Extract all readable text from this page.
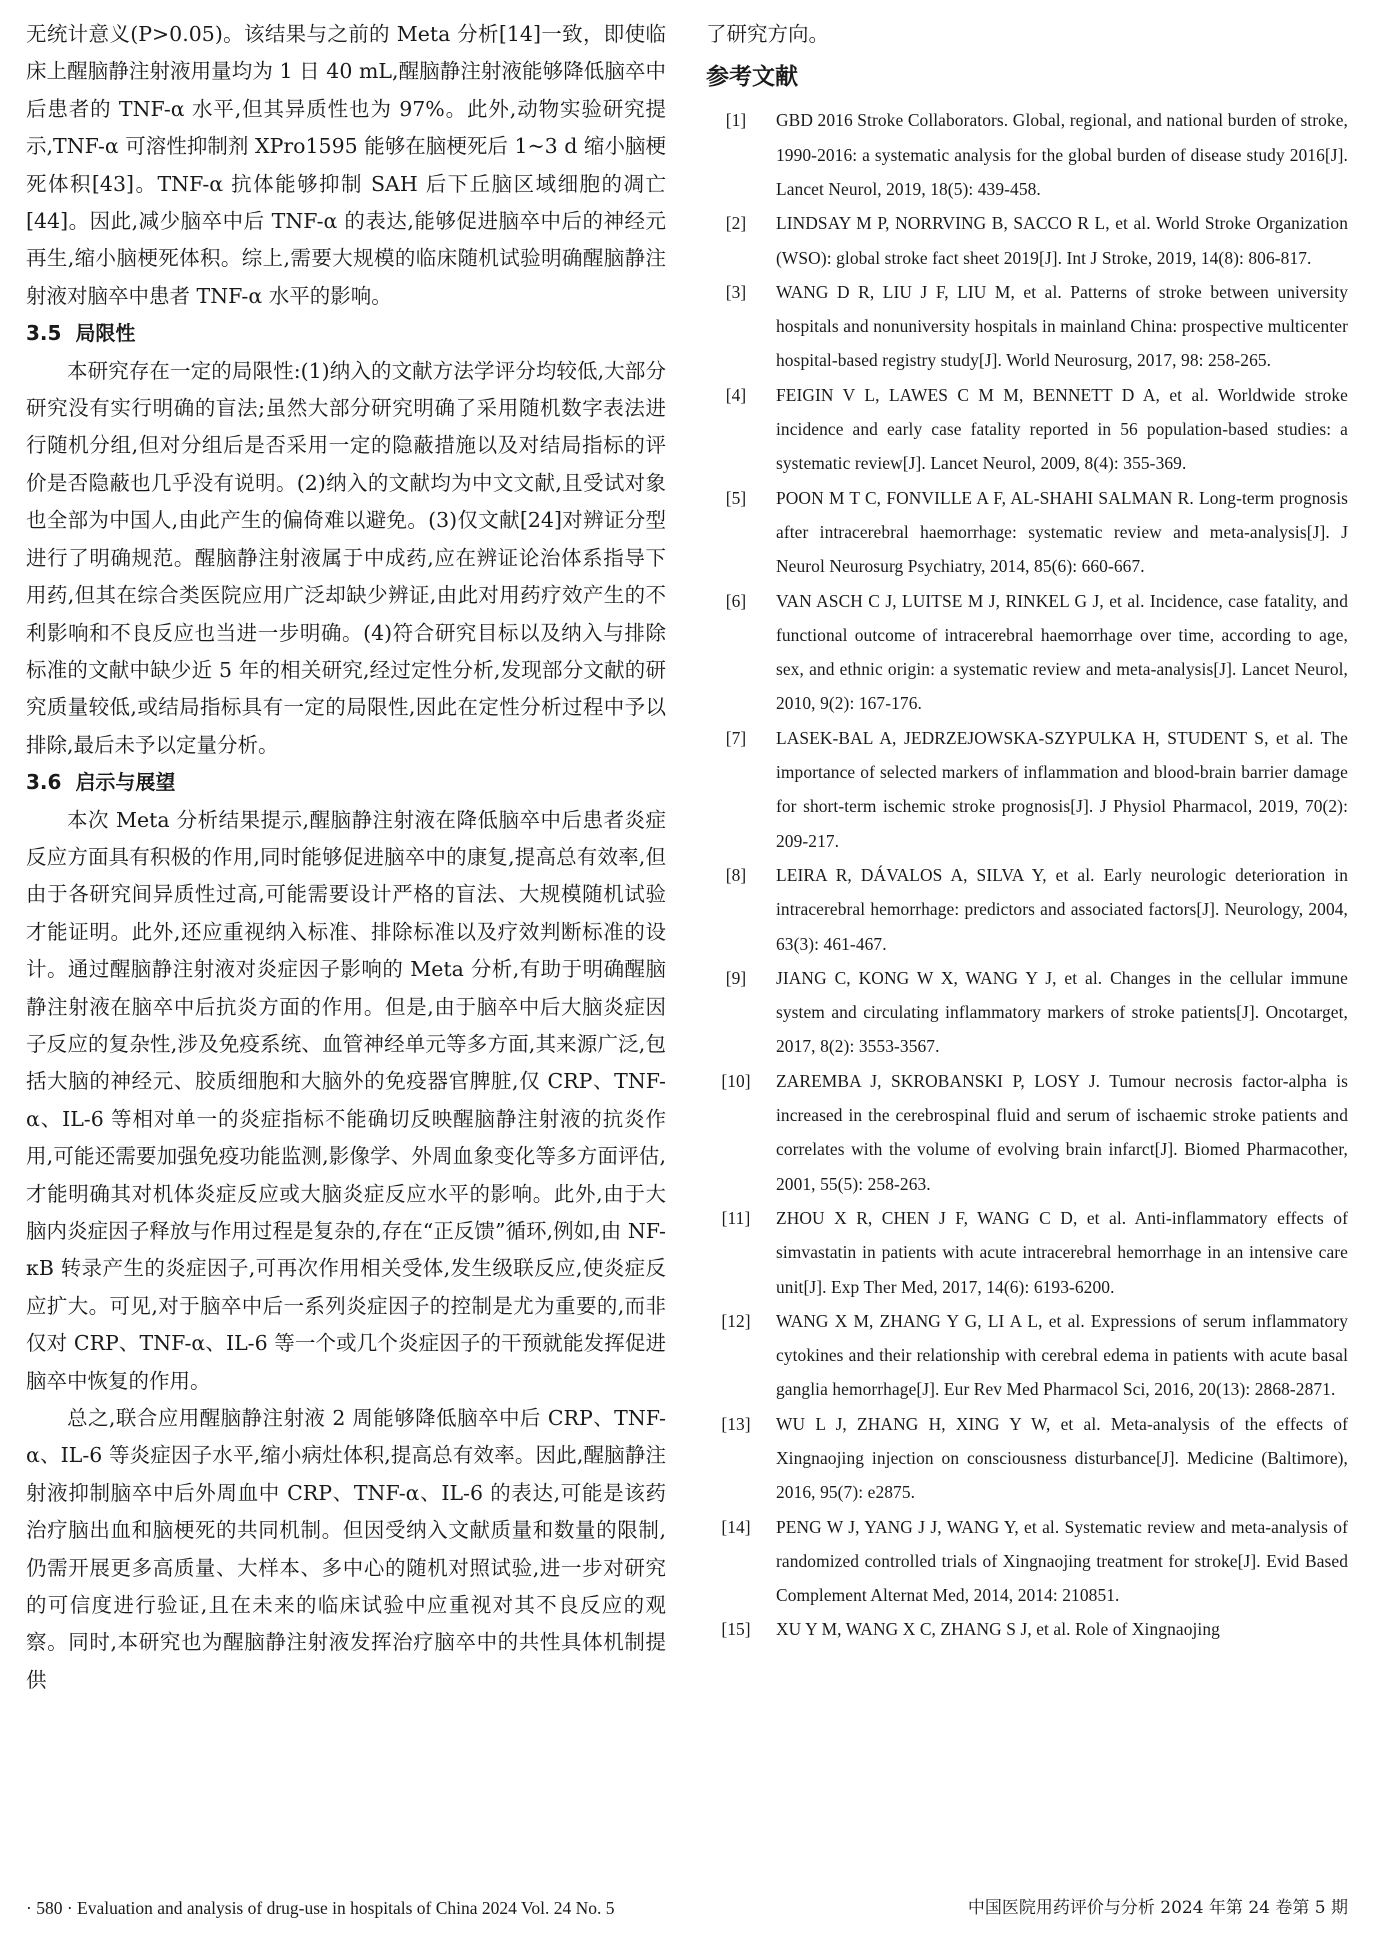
无统计意义(P>0.05)。该结果与之前的 Meta 分析[14]一致，即使临床上醒脑静注射液用量均为 1 日 40 mL,醒脑静注射液能够降低脑卒中后患者的 TNF-α 水平,但其异质性也为 97%。此外,动物实验研究提示,TNF-α 可溶性抑制剂 XPro1595 能够在脑梗死后 1~3 d 缩小脑梗死体积[43]。TNF-α 抗体能够抑制 SAH 后下丘脑区域细胞的凋亡[44]。因此,减少脑卒中后 TNF-α 的表达,能够促进脑卒中后的神经元再生,缩小脑梗死体积。综上,需要大规模的临床随机试验明确醒脑静注射液对脑卒中患者 TNF-α 水平的影响。

3.5 局限性

本研究存在一定的局限性:(1)纳入的文献方法学评分均较低,大部分研究没有实行明确的盲法;虽然大部分研究明确了采用随机数字表法进行随机分组,但对分组后是否采用一定的隐蔽措施以及对结局指标的评价是否隐蔽也几乎没有说明。(2)纳入的文献均为中文文献,且受试对象也全部为中国人,由此产生的偏倚难以避免。(3)仅文献[24]对辨证分型进行了明确规范。醒脑静注射液属于中成药,应在辨证论治体系指导下用药,但其在综合类医院应用广泛却缺少辨证,由此对用药疗效产生的不利影响和不良反应也当进一步明确。(4)符合研究目标以及纳入与排除标准的文献中缺少近 5 年的相关研究,经过定性分析,发现部分文献的研究质量较低,或结局指标具有一定的局限性,因此在定性分析过程中予以排除,最后未予以定量分析。

3.6 启示与展望

本次 Meta 分析结果提示,醒脑静注射液在降低脑卒中后患者炎症反应方面具有积极的作用,同时能够促进脑卒中的康复,提高总有效率,但由于各研究间异质性过高,可能需要设计严格的盲法、大规模随机试验才能证明。此外,还应重视纳入标准、排除标准以及疗效判断标准的设计。通过醒脑静注射液对炎症因子影响的 Meta 分析,有助于明确醒脑静注射液在脑卒中后抗炎方面的作用。但是,由于脑卒中后大脑炎症因子反应的复杂性,涉及免疫系统、血管神经单元等多方面,其来源广泛,包括大脑的神经元、胶质细胞和大脑外的免疫器官脾脏,仅 CRP、TNF-α、IL-6 等相对单一的炎症指标不能确切反映醒脑静注射液的抗炎作用,可能还需要加强免疫功能监测,影像学、外周血象变化等多方面评估,才能明确其对机体炎症反应或大脑炎症反应水平的影响。此外,由于大脑内炎症因子释放与作用过程是复杂的,存在“正反馈”循环,例如,由 NF-κB 转录产生的炎症因子,可再次作用相关受体,发生级联反应,使炎症反应扩大。可见,对于脑卒中后一系列炎症因子的控制是尤为重要的,而非仅对 CRP、TNF-α、IL-6 等一个或几个炎症因子的干预就能发挥促进脑卒中恢复的作用。

总之,联合应用醒脑静注射液 2 周能够降低脑卒中后 CRP、TNF-α、IL-6 等炎症因子水平,缩小病灶体积,提高总有效率。因此,醒脑静注射液抑制脑卒中后外周血中 CRP、TNF-α、IL-6 的表达,可能是该药治疗脑出血和脑梗死的共同机制。但因受纳入文献质量和数量的限制,仍需开展更多高质量、大样本、多中心的随机对照试验,进一步对研究的可信度进行验证,且在未来的临床试验中应重视对其不良反应的观察。同时,本研究也为醒脑静注射液发挥治疗脑卒中的共性具体机制提供

了研究方向。

参考文献

[1]	GBD 2016 Stroke Collaborators. Global, regional, and national burden of stroke, 1990-2016: a systematic analysis for the global burden of disease study 2016[J]. Lancet Neurol, 2019, 18(5): 439-458.

[2]	LINDSAY M P, NORRVING B, SACCO R L, et al. World Stroke Organization (WSO): global stroke fact sheet 2019[J]. Int J Stroke, 2019, 14(8): 806-817.

[3]	WANG D R, LIU J F, LIU M, et al. Patterns of stroke between university hospitals and nonuniversity hospitals in mainland China: prospective multicenter hospital-based registry study[J]. World Neurosurg, 2017, 98: 258-265.

[4]	FEIGIN V L, LAWES C M M, BENNETT D A, et al. Worldwide stroke incidence and early case fatality reported in 56 population-based studies: a systematic review[J]. Lancet Neurol, 2009, 8(4): 355-369.

[5]	POON M T C, FONVILLE A F, AL-SHAHI SALMAN R. Long-term prognosis after intracerebral haemorrhage: systematic review and meta-analysis[J]. J Neurol Neurosurg Psychiatry, 2014, 85(6): 660-667.

[6]	VAN ASCH C J, LUITSE M J, RINKEL G J, et al. Incidence, case fatality, and functional outcome of intracerebral haemorrhage over time, according to age, sex, and ethnic origin: a systematic review and meta-analysis[J]. Lancet Neurol, 2010, 9(2): 167-176.

[7]	LASEK-BAL A, JEDRZEJOWSKA-SZYPULKA H, STUDENT S, et al. The importance of selected markers of inflammation and blood-brain barrier damage for short-term ischemic stroke prognosis[J]. J Physiol Pharmacol, 2019, 70(2): 209-217.

[8]	LEIRA R, DÁVALOS A, SILVA Y, et al. Early neurologic deterioration in intracerebral hemorrhage: predictors and associated factors[J]. Neurology, 2004, 63(3): 461-467.

[9]	JIANG C, KONG W X, WANG Y J, et al. Changes in the cellular immune system and circulating inflammatory markers of stroke patients[J]. Oncotarget, 2017, 8(2): 3553-3567.

[10]	ZAREMBA J, SKROBANSKI P, LOSY J. Tumour necrosis factor-alpha is increased in the cerebrospinal fluid and serum of ischaemic stroke patients and correlates with the volume of evolving brain infarct[J]. Biomed Pharmacother, 2001, 55(5): 258-263.

[11]	ZHOU X R, CHEN J F, WANG C D, et al. Anti-inflammatory effects of simvastatin in patients with acute intracerebral hemorrhage in an intensive care unit[J]. Exp Ther Med, 2017, 14(6): 6193-6200.

[12]	WANG X M, ZHANG Y G, LI A L, et al. Expressions of serum inflammatory cytokines and their relationship with cerebral edema in patients with acute basal ganglia hemorrhage[J]. Eur Rev Med Pharmacol Sci, 2016, 20(13): 2868-2871.

[13]	WU L J, ZHANG H, XING Y W, et al. Meta-analysis of the effects of Xingnaojing injection on consciousness disturbance[J]. Medicine (Baltimore), 2016, 95(7): e2875.

[14]	PENG W J, YANG J J, WANG Y, et al. Systematic review and meta-analysis of randomized controlled trials of Xingnaojing treatment for stroke[J]. Evid Based Complement Alternat Med, 2014, 2014: 210851.

[15]	XU Y M, WANG X C, ZHANG S J, et al. Role of Xingnaojing

· 580 · Evaluation and analysis of drug-use in hospitals of China 2024 Vol. 24 No. 5	中国医院用药评价与分析 2024 年第 24 卷第 5 期
